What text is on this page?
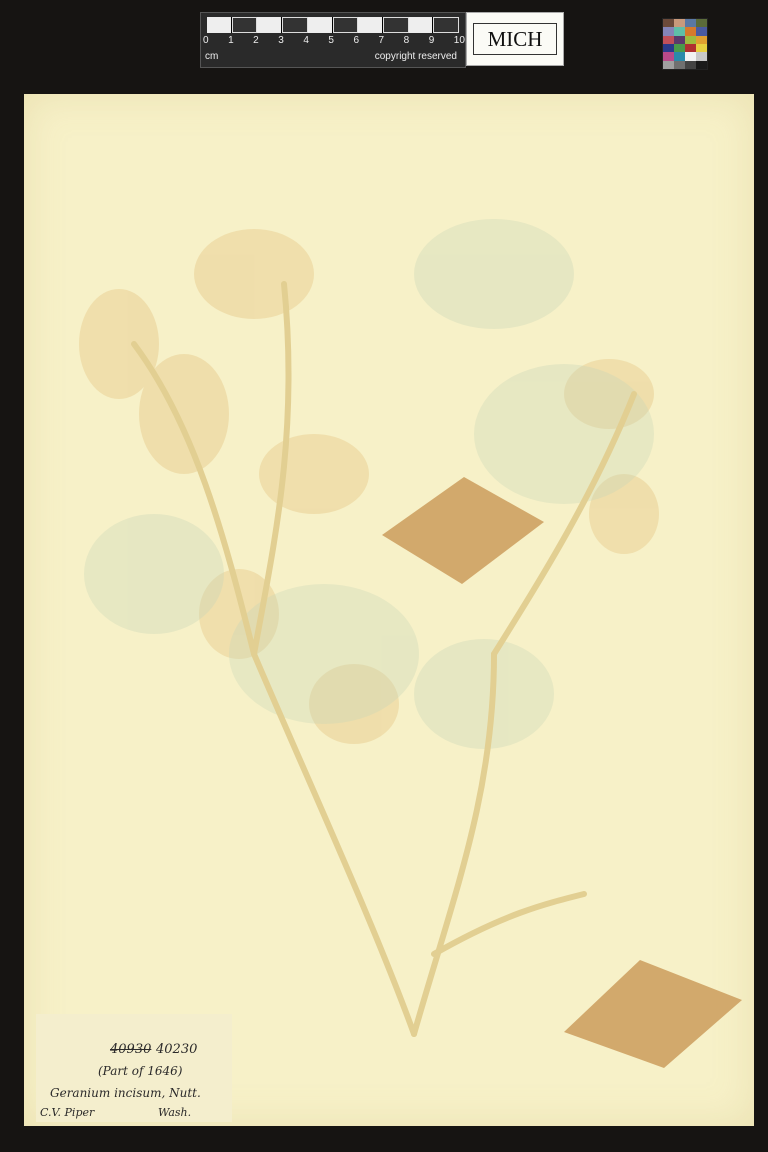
0 1 2 3 4 5 6 7 8 9 10
cm	copyright reserved
MICH
40930 40230
(Part of 1646)
Geranium incisum, Nutt.
C.V. Piper	Wash.
